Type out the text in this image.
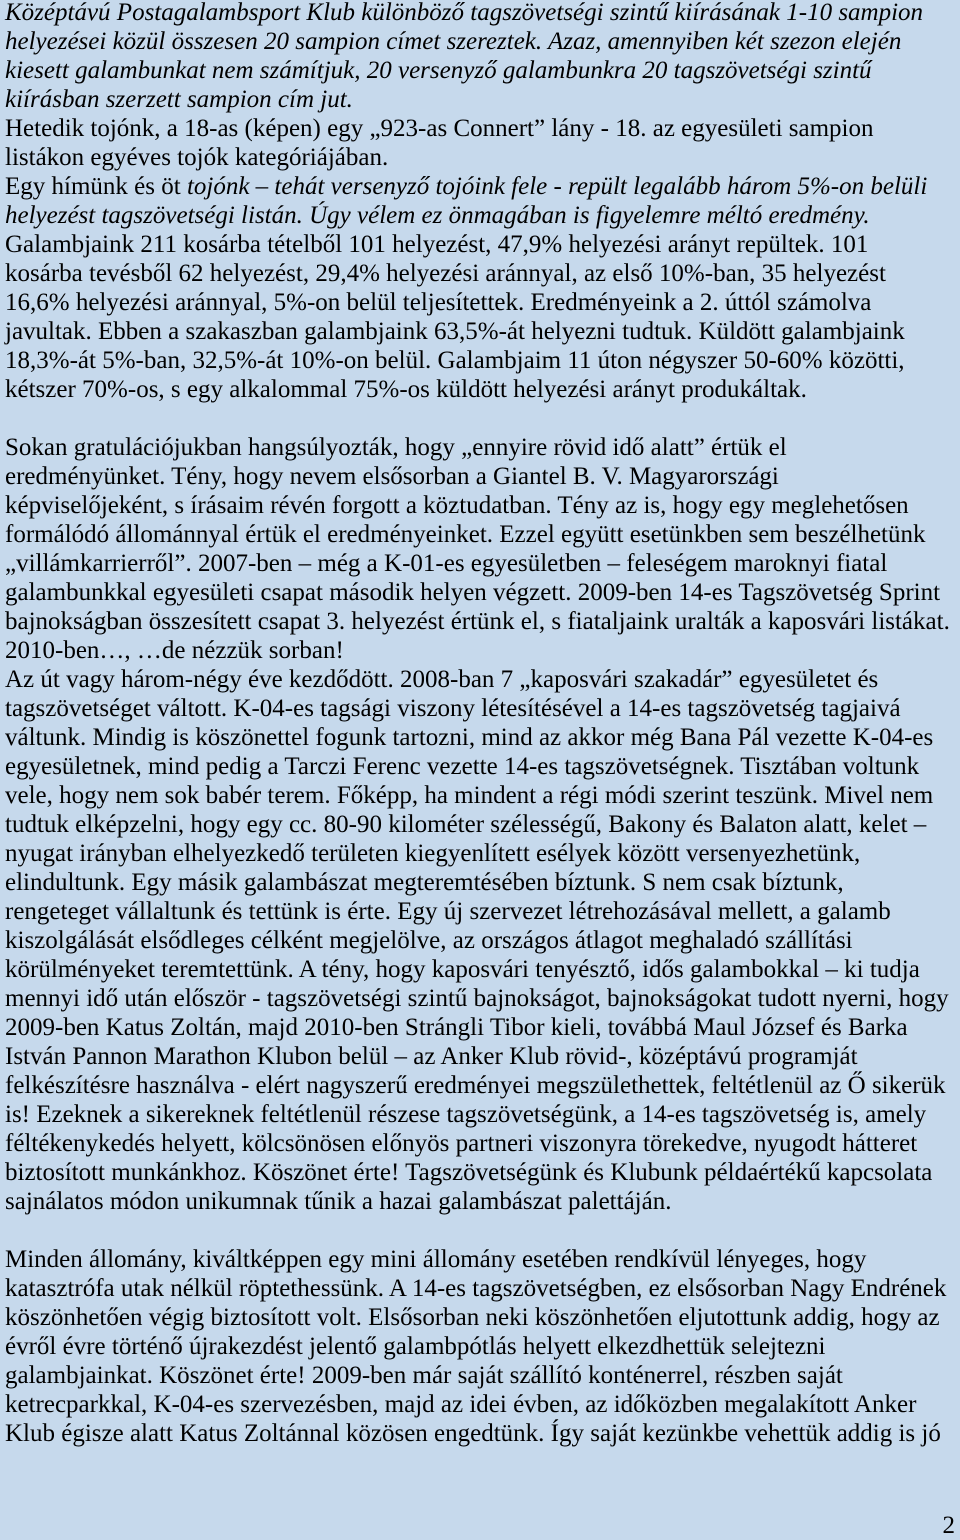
Középtávú Postagalambsport Klub különböző tagszövetségi szintű kiírásának 1-10 sampion
helyezései közül összesen 20 sampion címet szereztek. Azaz, amennyiben két szezon elején
kiesett galambunkat nem számítjuk, 20 versenyző galambunkra 20 tagszövetségi szintű
kiírásban szerzett sampion cím jut.
Hetedik tojónk, a 18-as (képen) egy „923-as Connert” lány - 18. az egyesületi sampion
listákon egyéves tojók kategóriájában.
Egy hímünk és öt tojónk – tehát versenyző tojóink fele - repült legalább három 5%-on belüli
helyezést tagszövetségi listán. Úgy vélem ez önmagában is figyelemre méltó eredmény.
Galambjaink 211 kosárba tételből 101 helyezést, 47,9% helyezési arányt repültek. 101
kosárba tevésből 62 helyezést, 29,4% helyezési aránnyal, az első 10%-ban, 35 helyezést
16,6% helyezési aránnyal, 5%-on belül teljesítettek. Eredményeink a 2. úttól számolva
javultak. Ebben a szakaszban galambjaink 63,5%-át helyezni tudtuk. Küldött galambjaink
18,3%-át 5%-ban, 32,5%-át 10%-on belül. Galambjaim 11 úton négyszer 50-60% közötti,
kétszer 70%-os, s egy alkalommal 75%-os küldött helyezési arányt produkáltak.
Sokan gratulációjukban hangsúlyozták, hogy „ennyire rövid idő alatt” értük el
eredményünket. Tény, hogy nevem elsősorban a Giantel B. V. Magyarországi
képviselőjeként, s írásaim révén forgott a köztudatban. Tény az is, hogy egy meglehetősen
formálódó állománnyal értük el eredményeinket. Ezzel együtt esetünkben sem beszélhetünk
„villámkarrierről”. 2007-ben – még a K-01-es egyesületben – feleségem maroknyi fiatal
galambunkkal egyesületi csapat második helyen végzett. 2009-ben 14-es Tagszövetség Sprint
bajnokságban összesített csapat 3. helyezést értünk el, s fiataljaink uralták a kaposvári listákat.
2010-ben…, …de nézzük sorban!
Az út vagy három-négy éve kezdődött. 2008-ban 7 „kaposvári szakadár” egyesületet és
tagszövetséget váltott. K-04-es tagsági viszony létesítésével a 14-es tagszövetség tagjaivá
váltunk. Mindig is köszönettel fogunk tartozni, mind az akkor még Bana Pál vezette K-04-es
egyesületnek, mind pedig a Tarczi Ferenc vezette 14-es tagszövetségnek. Tisztában voltunk
vele, hogy nem sok babér terem. Főképp, ha mindent a régi módi szerint teszünk. Mivel nem
tudtuk elképzelni, hogy egy cc. 80-90 kilométer szélességű, Bakony és Balaton alatt, kelet –
nyugat irányban elhelyezkedő területen kiegyenlített esélyek között versenyezhetünk,
elindultunk. Egy másik galambászat megteremtésében bíztunk. S nem csak bíztunk,
rengeteget vállaltunk és tettünk is érte. Egy új szervezet létrehozásával mellett, a galamb
kiszolgálását elsődleges célként megjelölve, az országos átlagot meghaladó szállítási
körülményeket teremtettünk. A tény, hogy kaposvári tenyésztő, idős galambokkal – ki tudja
mennyi idő után először - tagszövetségi szintű bajnokságot, bajnokságokat tudott nyerni, hogy
2009-ben Katus Zoltán, majd 2010-ben Strángli Tibor kieli, továbbá Maul József és Barka
István Pannon Marathon Klubon belül – az Anker Klub rövid-, középtávú programját
felkészítésre használva - elért nagyszerű eredményei megszülethettek, feltétlenül az Ő sikerük
is! Ezeknek a sikereknek feltétlenül részese tagszövetségünk, a 14-es tagszövetség is, amely
féltékenykedés helyett, kölcsönösen előnyös partneri viszonyra törekedve, nyugodt hátteret
biztosított munkánkhoz. Köszönet érte! Tagszövetségünk és Klubunk példaértékű kapcsolata
sajnálatos módon unikumnak tűnik a hazai galambászat palettáján.
Minden állomány, kiváltképpen egy mini állomány esetében rendkívül lényeges, hogy
katasztrófa utak nélkül röptethessünk. A 14-es tagszövetségben, ez elsősorban Nagy Endrének
köszönhetően végig biztosított volt. Elsősorban neki köszönhetően eljutottunk addig, hogy az
évről évre történő újrakezdést jelentő galambpótlás helyett elkezdhettük selejtezni
galambjainkat. Köszönet érte! 2009-ben már saját szállító konténerrel, részben saját
ketrecparkkal, K-04-es szervezésben, majd az idei évben, az időközben megalakított Anker
Klub égisze alatt Katus Zoltánnal közösen engedtünk. Így saját kezünkbe vehettük addig is jó
2
